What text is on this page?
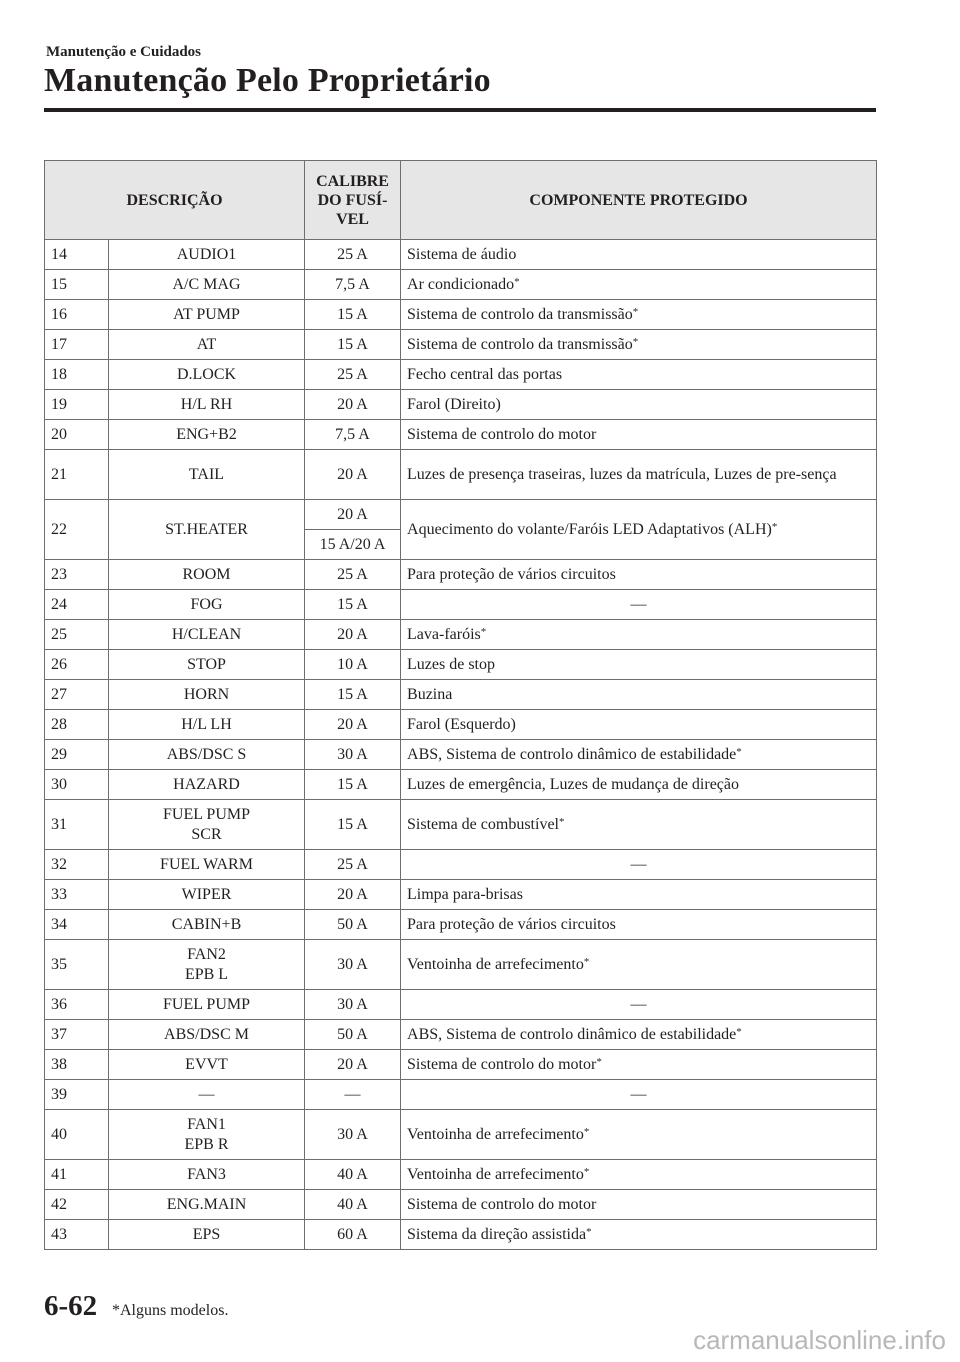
Manutenção e Cuidados
Manutenção Pelo Proprietário
DESCRIÇÃO		CALIBRE DO FUSÍ-VEL	COMPONENTE PROTEGIDO
14	AUDIO1	25 A	Sistema de áudio
15	A/C MAG	7,5 A	Ar condicionado*
16	AT PUMP	15 A	Sistema de controlo da transmissão*
17	AT	15 A	Sistema de controlo da transmissão*
18	D.LOCK	25 A	Fecho central das portas
19	H/L RH	20 A	Farol (Direito)
20	ENG+B2	7,5 A	Sistema de controlo do motor
21	TAIL	20 A	Luzes de presença traseiras, luzes da matrícula, Luzes de pre-sença
22	ST.HEATER	20 A	Aquecimento do volante/Faróis LED Adaptativos (ALH)*
		15 A/20 A	
23	ROOM	25 A	Para proteção de vários circuitos
24	FOG	15 A	―
25	H/CLEAN	20 A	Lava-faróis*
26	STOP	10 A	Luzes de stop
27	HORN	15 A	Buzina
28	H/L LH	20 A	Farol (Esquerdo)
29	ABS/DSC S	30 A	ABS, Sistema de controlo dinâmico de estabilidade*
30	HAZARD	15 A	Luzes de emergência, Luzes de mudança de direção
31	FUEL PUMP
SCR	15 A	Sistema de combustível*
32	FUEL WARM	25 A	―
33	WIPER	20 A	Limpa para-brisas
34	CABIN+B	50 A	Para proteção de vários circuitos
35	FAN2
EPB L	30 A	Ventoinha de arrefecimento*
36	FUEL PUMP	30 A	―
37	ABS/DSC M	50 A	ABS, Sistema de controlo dinâmico de estabilidade*
38	EVVT	20 A	Sistema de controlo do motor*
39	―	―	―
40	FAN1
EPB R	30 A	Ventoinha de arrefecimento*
41	FAN3	40 A	Ventoinha de arrefecimento*
42	ENG.MAIN	40 A	Sistema de controlo do motor
43	EPS	60 A	Sistema da direção assistida*
6-62 *Alguns modelos.
carmanualsonline.info
